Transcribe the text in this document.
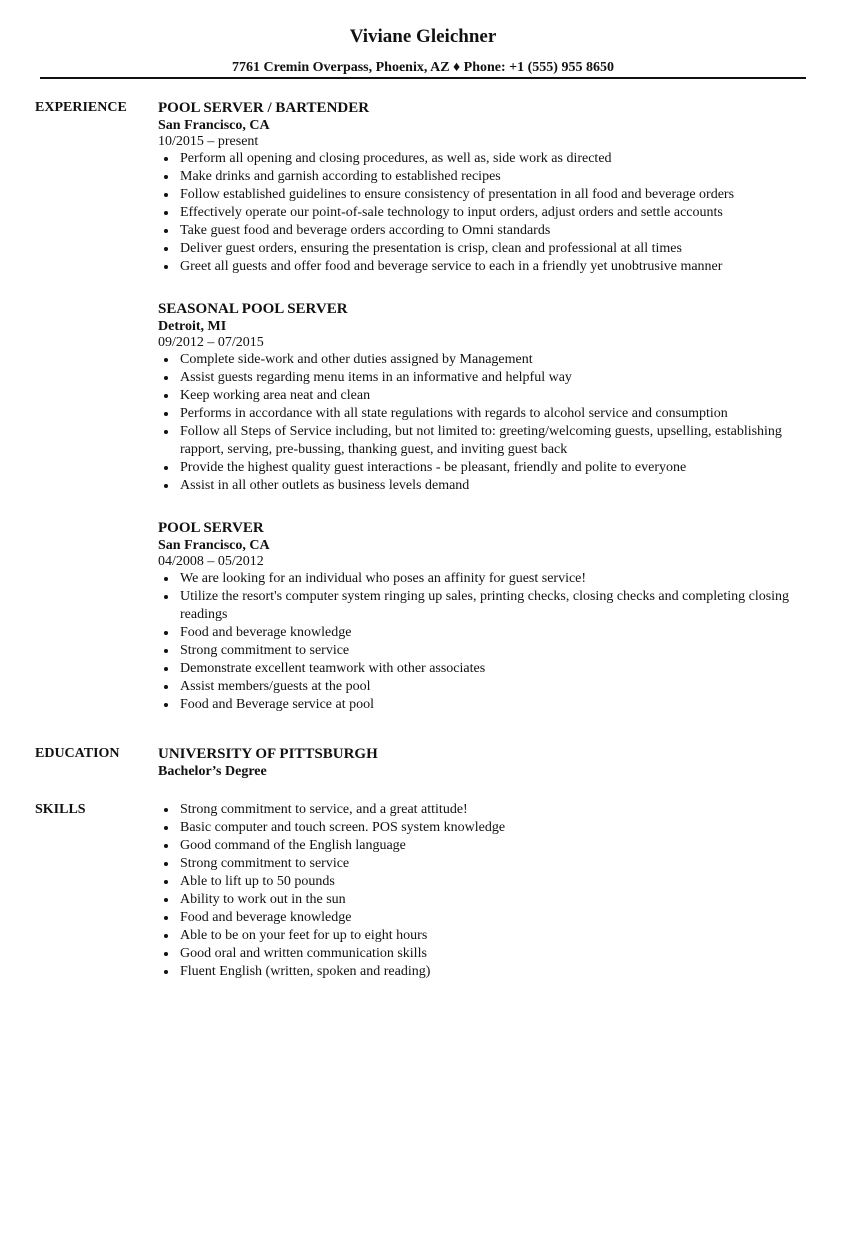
Viviane Gleichner
7761 Cremin Overpass, Phoenix, AZ ♦ Phone: +1 (555) 955 8650
EXPERIENCE POOL SERVER / BARTENDER
San Francisco, CA
10/2015 – present
Perform all opening and closing procedures, as well as, side work as directed
Make drinks and garnish according to established recipes
Follow established guidelines to ensure consistency of presentation in all food and beverage orders
Effectively operate our point-of-sale technology to input orders, adjust orders and settle accounts
Take guest food and beverage orders according to Omni standards
Deliver guest orders, ensuring the presentation is crisp, clean and professional at all times
Greet all guests and offer food and beverage service to each in a friendly yet unobtrusive manner
SEASONAL POOL SERVER
Detroit, MI
09/2012 – 07/2015
Complete side-work and other duties assigned by Management
Assist guests regarding menu items in an informative and helpful way
Keep working area neat and clean
Performs in accordance with all state regulations with regards to alcohol service and consumption
Follow all Steps of Service including, but not limited to: greeting/welcoming guests, upselling, establishing rapport, serving, pre-bussing, thanking guest, and inviting guest back
Provide the highest quality guest interactions - be pleasant, friendly and polite to everyone
Assist in all other outlets as business levels demand
POOL SERVER
San Francisco, CA
04/2008 – 05/2012
We are looking for an individual who poses an affinity for guest service!
Utilize the resort's computer system ringing up sales, printing checks, closing checks and completing closing readings
Food and beverage knowledge
Strong commitment to service
Demonstrate excellent teamwork with other associates
Assist members/guests at the pool
Food and Beverage service at pool
EDUCATION	UNIVERSITY OF PITTSBURGH
Bachelor’s Degree
SKILLS	Strong commitment to service, and a great attitude!
Basic computer and touch screen. POS system knowledge
Good command of the English language
Strong commitment to service
Able to lift up to 50 pounds
Ability to work out in the sun
Food and beverage knowledge
Able to be on your feet for up to eight hours
Good oral and written communication skills
Fluent English (written, spoken and reading)
